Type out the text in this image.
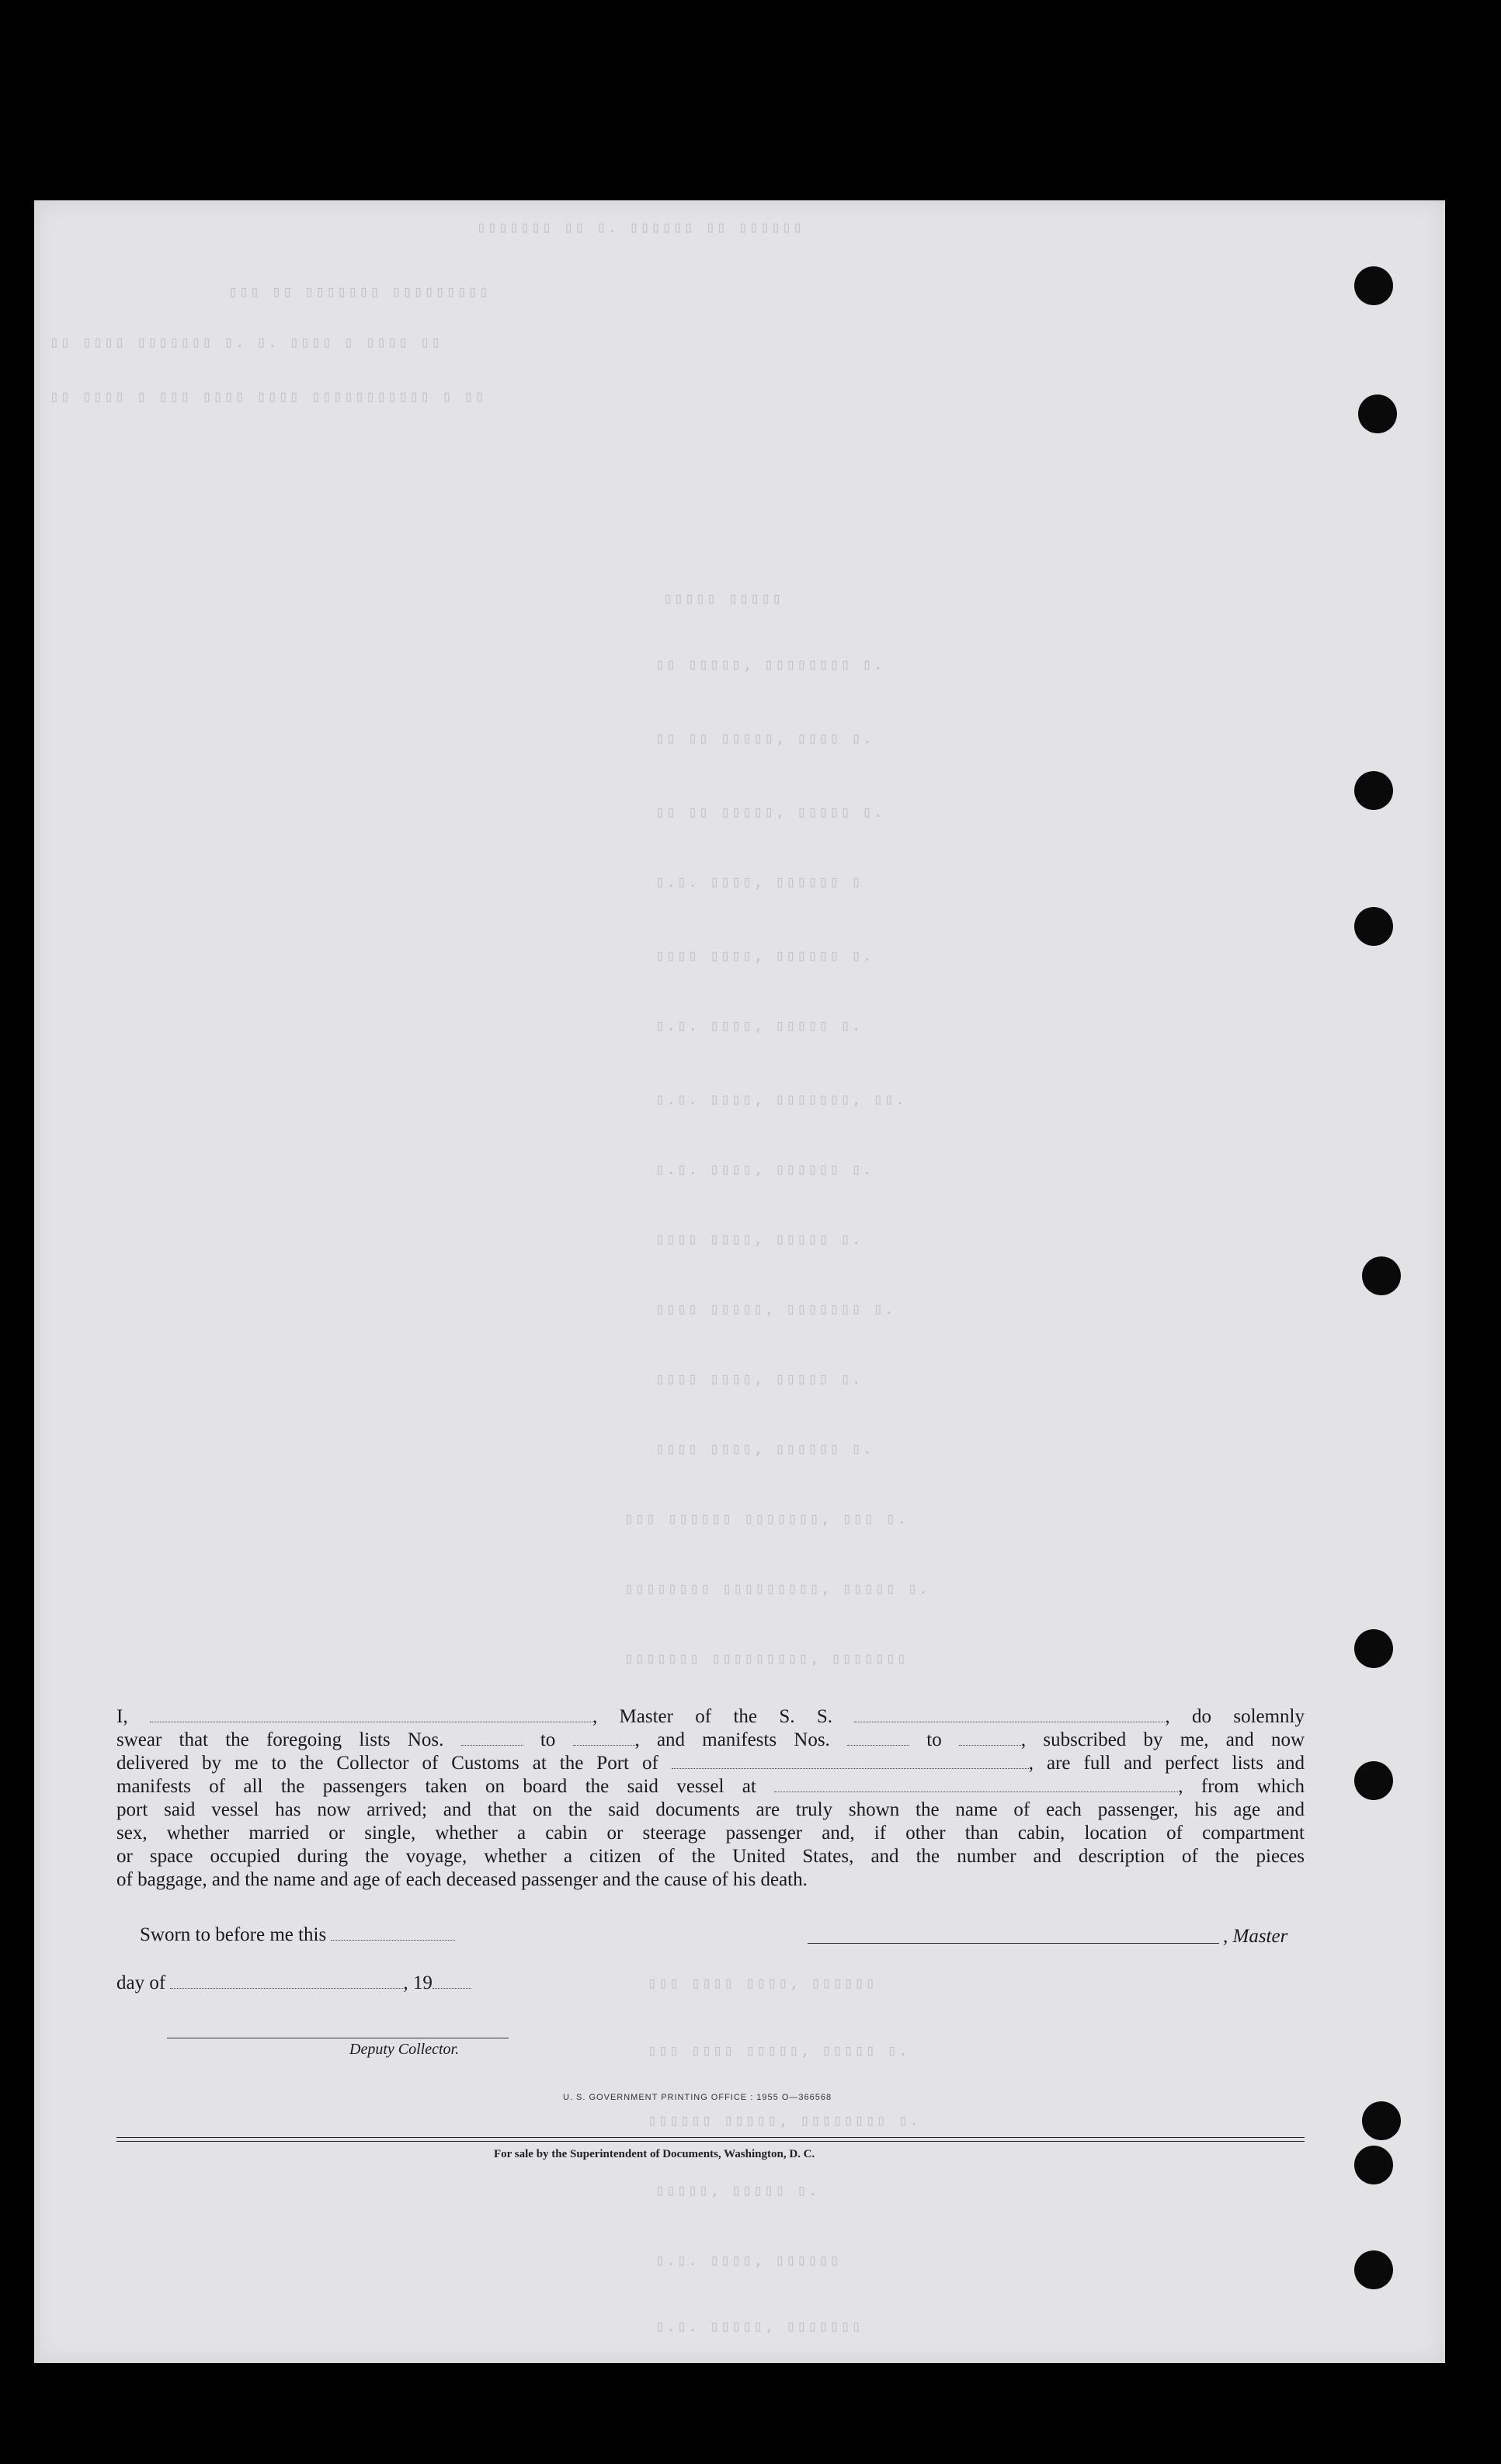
▯▯▯▯▯▯▯ ▯▯ ▯. ▯▯▯▯▯▯ ▯▯ ▯▯▯▯▯▯
▯▯▯ ▯▯ ▯▯▯▯▯▯▯ ▯▯▯▯▯▯▯▯▯
▯▯ ▯▯▯▯ ▯▯▯▯▯▯▯ ▯. ▯. ▯▯▯▯ ▯ ▯▯▯▯ ▯▯
▯▯ ▯▯▯▯ ▯ ▯▯▯ ▯▯▯▯ ▯▯▯▯ ▯▯▯▯▯▯▯▯▯▯▯ ▯ ▯▯
▯▯▯▯▯ ▯▯▯▯▯
▯▯ ▯▯▯▯▯, ▯▯▯▯▯▯▯▯ ▯.
▯▯ ▯▯ ▯▯▯▯▯, ▯▯▯▯ ▯.
▯▯ ▯▯ ▯▯▯▯▯, ▯▯▯▯▯ ▯.
▯.▯. ▯▯▯▯, ▯▯▯▯▯▯ ▯
▯▯▯▯ ▯▯▯▯, ▯▯▯▯▯▯ ▯.
▯.▯. ▯▯▯▯, ▯▯▯▯▯ ▯.
▯.▯. ▯▯▯▯, ▯▯▯▯▯▯▯, ▯▯.
▯.▯. ▯▯▯▯, ▯▯▯▯▯▯ ▯.
▯▯▯▯ ▯▯▯▯, ▯▯▯▯▯ ▯.
▯▯▯▯ ▯▯▯▯▯, ▯▯▯▯▯▯▯ ▯.
▯▯▯▯ ▯▯▯▯, ▯▯▯▯▯ ▯.
▯▯▯▯ ▯▯▯▯, ▯▯▯▯▯▯ ▯.
▯▯▯ ▯▯▯▯▯▯ ▯▯▯▯▯▯▯, ▯▯▯ ▯.
▯▯▯▯▯▯▯▯ ▯▯▯▯▯▯▯▯▯, ▯▯▯▯▯ ▯.
▯▯▯▯▯▯▯ ▯▯▯▯▯▯▯▯▯, ▯▯▯▯▯▯▯
▯▯▯ ▯▯▯▯ ▯▯▯▯, ▯▯▯▯▯▯
▯▯▯ ▯▯▯▯ ▯▯▯▯▯, ▯▯▯▯▯ ▯.
▯▯▯▯▯▯ ▯▯▯▯▯, ▯▯▯▯▯▯▯▯ ▯.
▯▯▯▯▯, ▯▯▯▯▯ ▯.
▯.▯. ▯▯▯▯, ▯▯▯▯▯▯
▯.▯. ▯▯▯▯▯, ▯▯▯▯▯▯▯

I,	, Master of the S. S.	, do solemnly

swear that the foregoing lists Nos.	to	, and manifests Nos.	to	, subscribed by me, and now

delivered by me to the Collector of Customs at the Port of	, are full and perfect lists and

manifests of all the passengers taken on board the said vessel at	, from which

port said vessel has now arrived; and that on the said documents are truly shown the name of each passenger, his age and

sex, whether married or single, whether a cabin or steerage passenger and, if other than cabin, location of compartment

or space occupied during the voyage, whether a citizen of the United States, and the number and description of the pieces

of baggage, and the name and age of each deceased passenger and the cause of his death.

Sworn to before me this	, Master
day of	, 19
Deputy Collector.
U. S. GOVERNMENT PRINTING OFFICE : 1955 O—366568
For sale by the Superintendent of Documents, Washington, D. C.
